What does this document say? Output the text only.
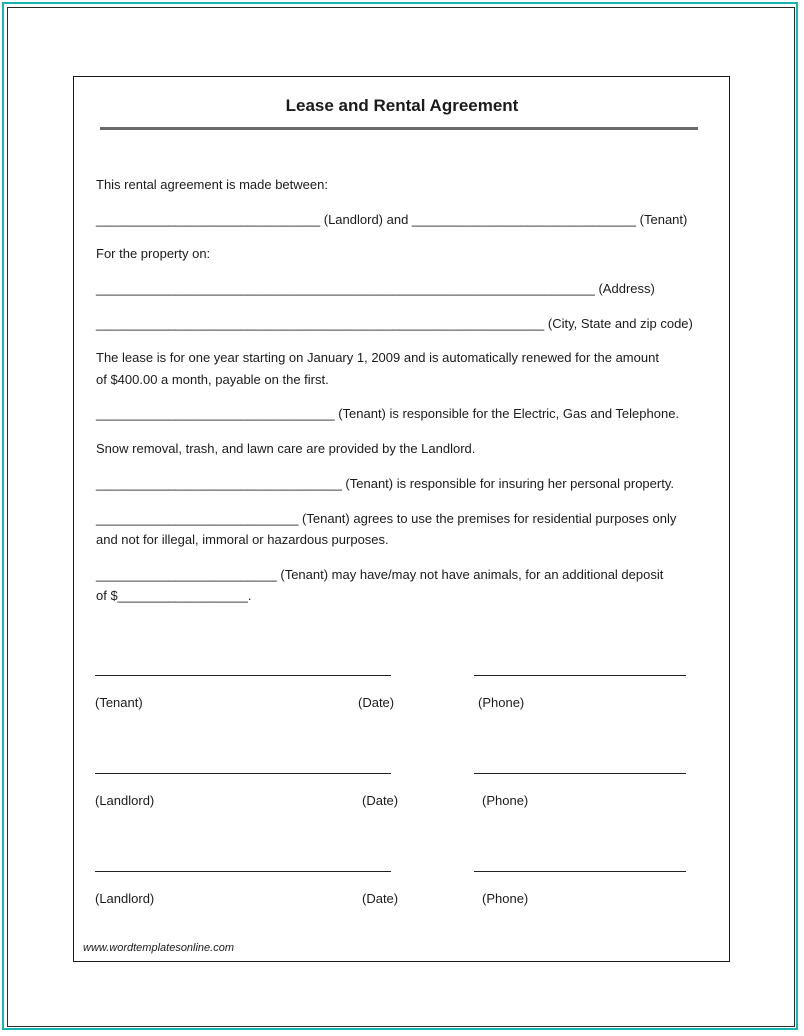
Lease and Rental Agreement
This rental agreement is made between:
_______________________________ (Landlord) and _______________________________ (Tenant)
For the property on:
_____________________________________________________________________ (Address)
______________________________________________________________ (City, State and zip code)
The lease is for one year starting on January 1, 2009 and is automatically renewed for the amount
of $400.00 a month, payable on the first.
_________________________________ (Tenant) is responsible for the Electric, Gas and Telephone.
Snow removal, trash, and lawn care are provided by the Landlord.
__________________________________ (Tenant) is responsible for insuring her personal property.
____________________________ (Tenant) agrees to use the premises for residential purposes only
and not for illegal, immoral or hazardous purposes.
_________________________ (Tenant) may have/may not have animals, for an additional deposit
of $__________________.
(Tenant)	(Date)	(Phone)
(Landlord)	(Date)	(Phone)
(Landlord)	(Date)	(Phone)
www.wordtemplatesonline.com
